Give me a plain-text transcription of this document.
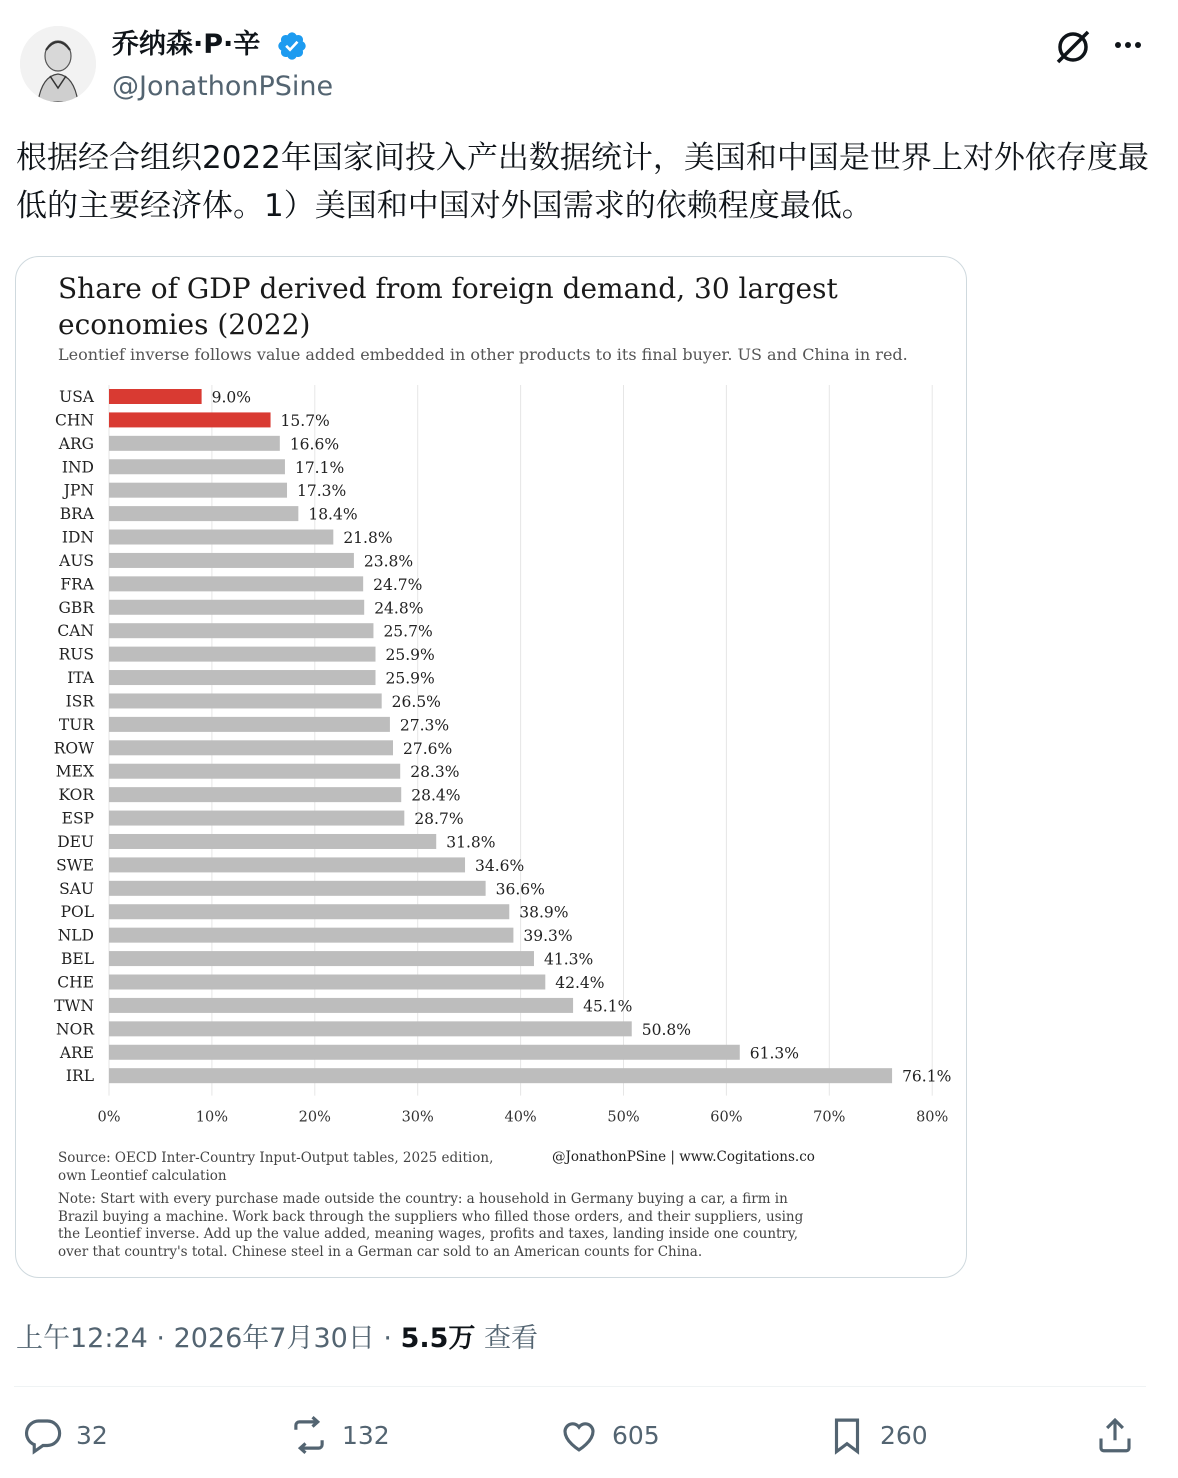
乔纳森·P·辛
@JonathonPSine
根据经合组织2022年国家间投入产出数据统计，美国和中国是世界上对外依存度最低的主要经济体。1）美国和中国对外国需求的依赖程度最低。
0%	10%	20%	30%	40%	50%	60%	70%	80%
USA	9.0%
CHN	15.7%
ARG	16.6%
IND	17.1%
JPN	17.3%
BRA	18.4%
IDN	21.8%
AUS	23.8%
FRA	24.7%
GBR	24.8%
CAN	25.7%
RUS	25.9%
ITA	25.9%
ISR	26.5%
TUR	27.3%
ROW	27.6%
MEX	28.3%
KOR	28.4%
ESP	28.7%
DEU	31.8%
SWE	34.6%
SAU	36.6%
POL	38.9%
NLD	39.3%
BEL	41.3%
CHE	42.4%
TWN	45.1%
NOR	50.8%
ARE	61.3%
IRL	76.1%
Share of GDP derived from foreign demand, 30 largest economies (2022)
Leontief inverse follows value added embedded in other products to its final buyer. US and China in red.
Source: OECD Inter-Country Input-Output tables, 2025 edition, own Leontief calculation
@JonathonPSine | www.Cogitations.co
Note: Start with every purchase made outside the country: a household in Germany buying a car, a firm in Brazil buying a machine. Work back through the suppliers who filled those orders, and their suppliers, using the Leontief inverse. Add up the value added, meaning wages, profits and taxes, landing inside one country, over that country's total. Chinese steel in a German car sold to an American counts for China.
上午12:24 · 2026年7月30日 · 5.5万 查看
32	132	605	260
